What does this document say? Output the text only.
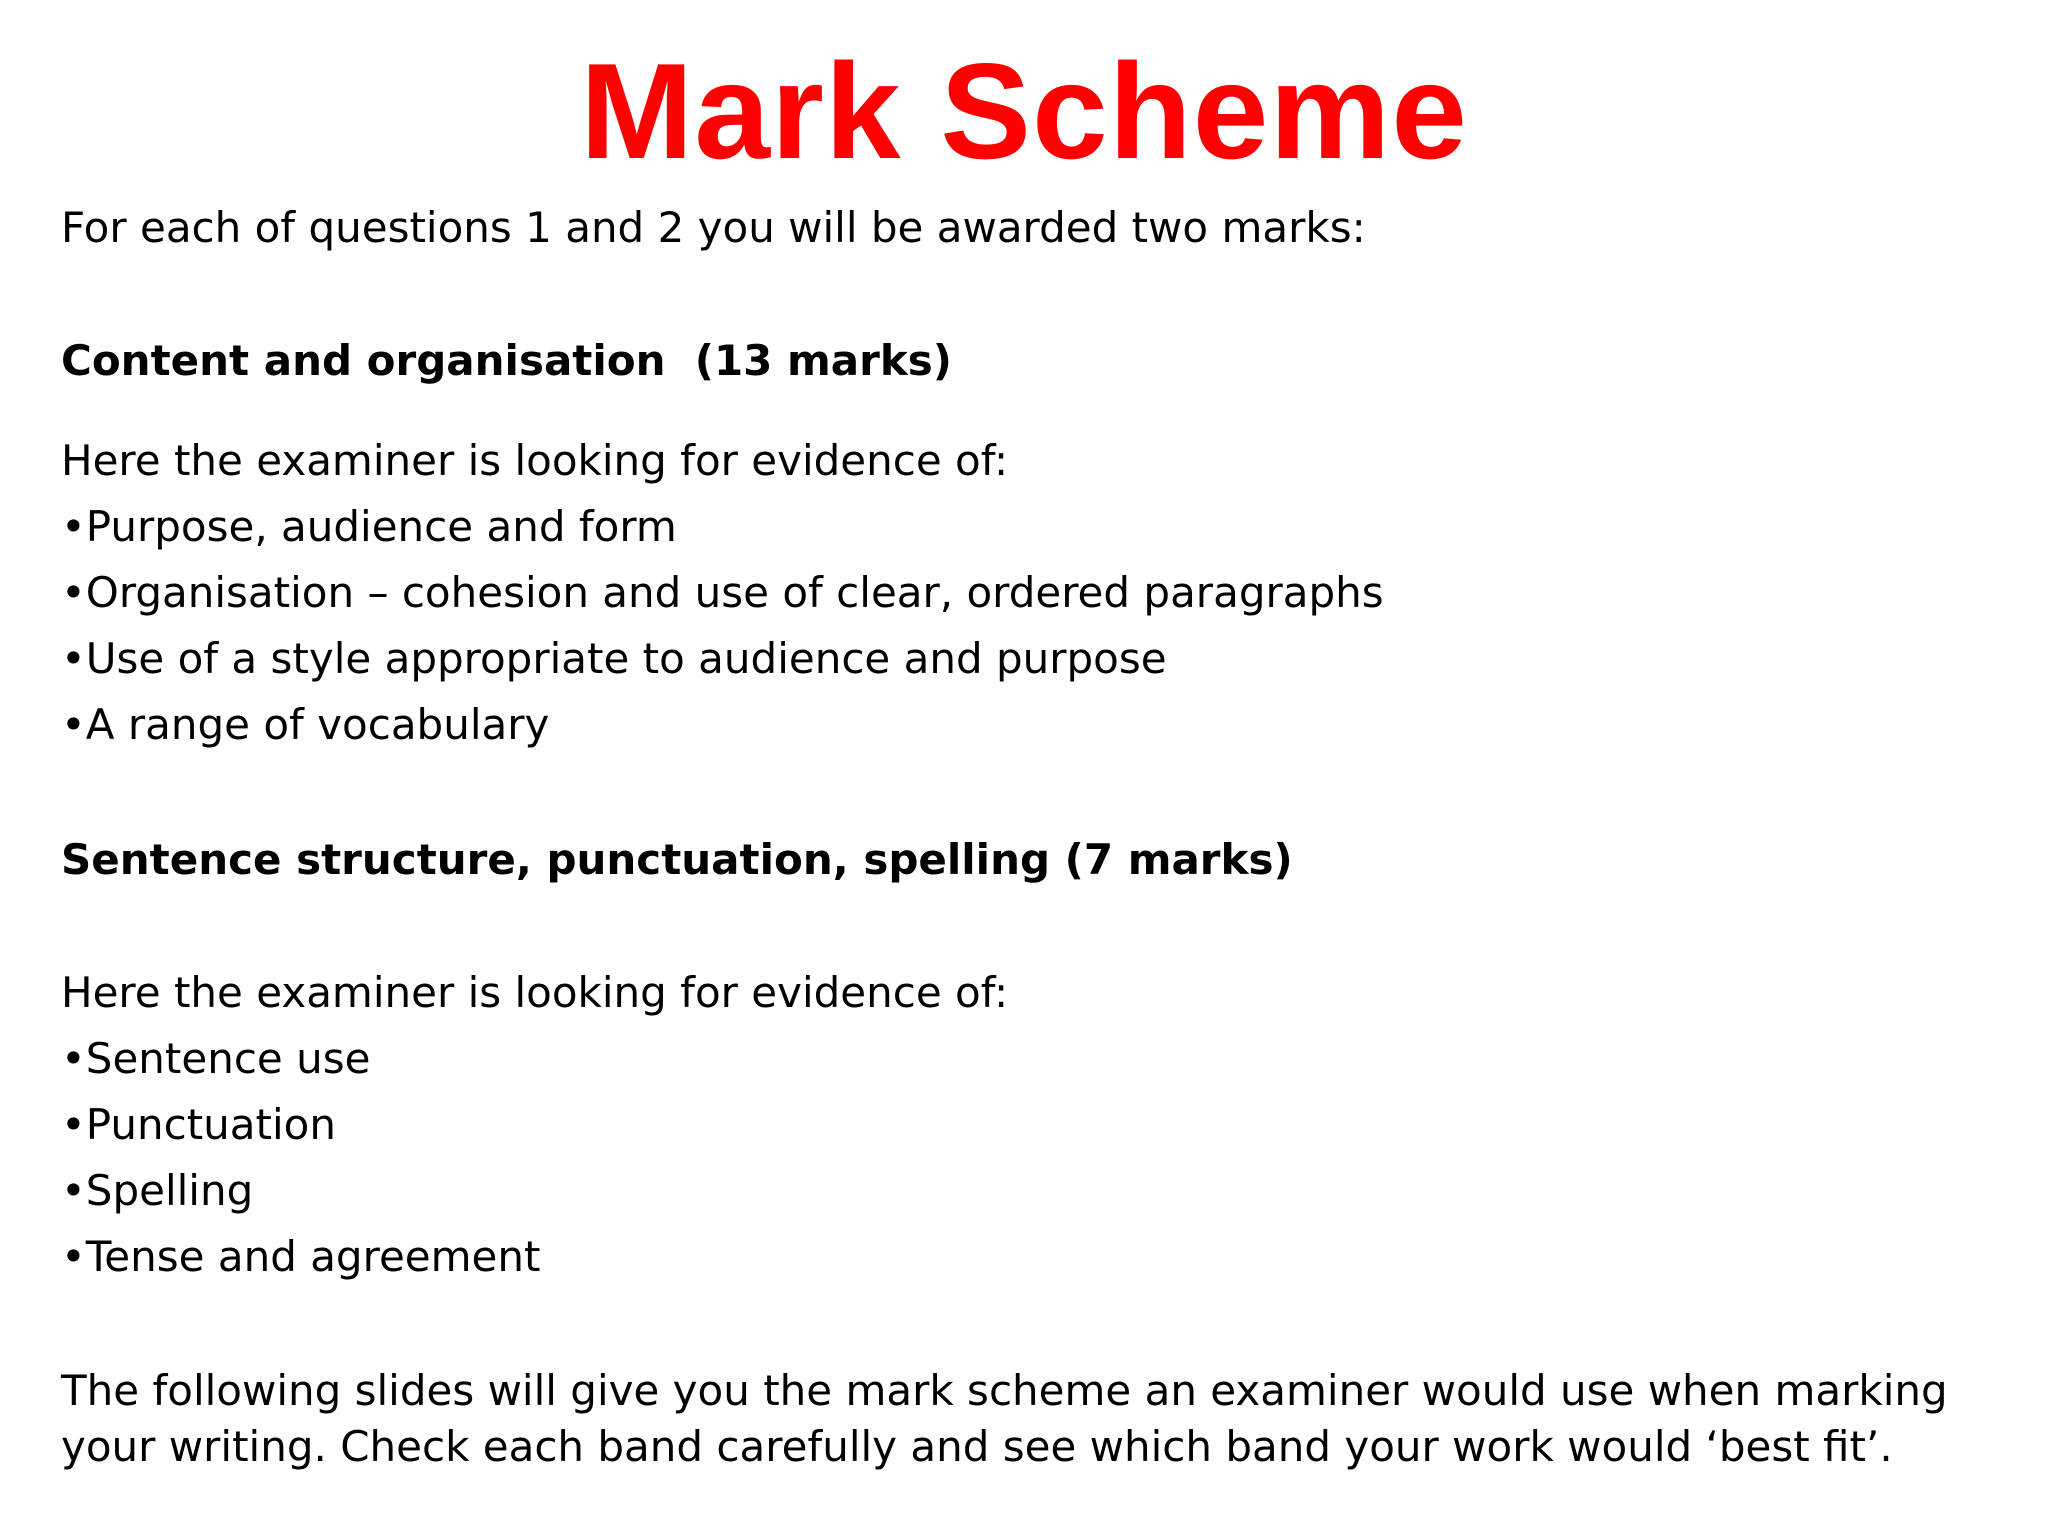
Mark Scheme
For each of questions 1 and 2 you will be awarded two marks:
Content and organisation  (13 marks)
Here the examiner is looking for evidence of:
•Purpose, audience and form
•Organisation – cohesion and use of clear, ordered paragraphs
•Use of a style appropriate to audience and purpose
•A range of vocabulary
Sentence structure, punctuation, spelling (7 marks)
Here the examiner is looking for evidence of:
•Sentence use
•Punctuation
•Spelling
•Tense and agreement
The following slides will give you the mark scheme an examiner would use when marking your writing. Check each band carefully and see which band your work would ‘best fit’.
